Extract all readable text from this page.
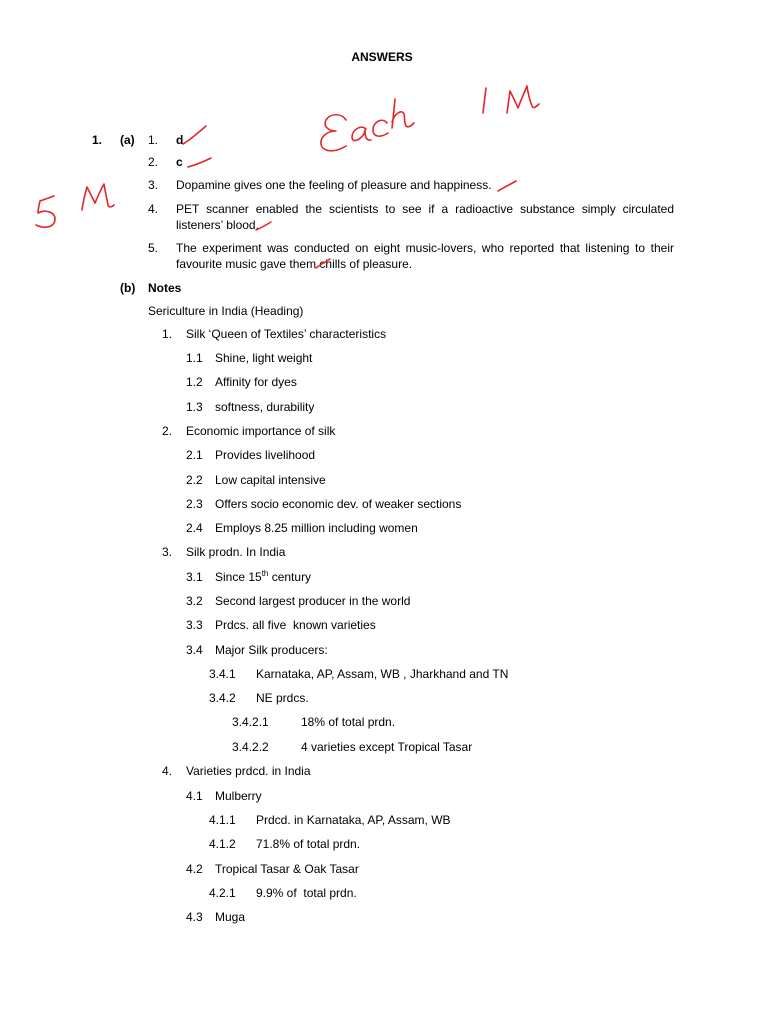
ANSWERS
1. (a) 1. d
2. c
3. Dopamine gives one the feeling of pleasure and happiness.
4. PET scanner enabled the scientists to see if a radioactive substance simply circulated listeners’ blood.
5. The experiment was conducted on eight music-lovers, who reported that listening to their favourite music gave them chills of pleasure.
(b) Notes
Sericulture in India (Heading)
1. Silk ‘Queen of Textiles’ characteristics
1.1 Shine, light weight
1.2 Affinity for dyes
1.3 softness, durability
2. Economic importance of silk
2.1 Provides livelihood
2.2 Low capital intensive
2.3 Offers socio economic dev. of weaker sections
2.4 Employs 8.25 million including women
3. Silk prodn. In India
3.1 Since 15th century
3.2 Second largest producer in the world
3.3 Prdcs. all five  known varieties
3.4 Major Silk producers:
3.4.1 Karnataka, AP, Assam, WB , Jharkhand and TN
3.4.2 NE prdcs.
3.4.2.1	18% of total prdn.
3.4.2.2	4 varieties except Tropical Tasar
4. Varieties prdcd. in India
4.1 Mulberry
4.1.1 Prdcd. in Karnataka, AP, Assam, WB
4.1.2 71.8% of total prdn.
4.2 Tropical Tasar & Oak Tasar
4.2.1 9.9% of  total prdn.
4.3 Muga
